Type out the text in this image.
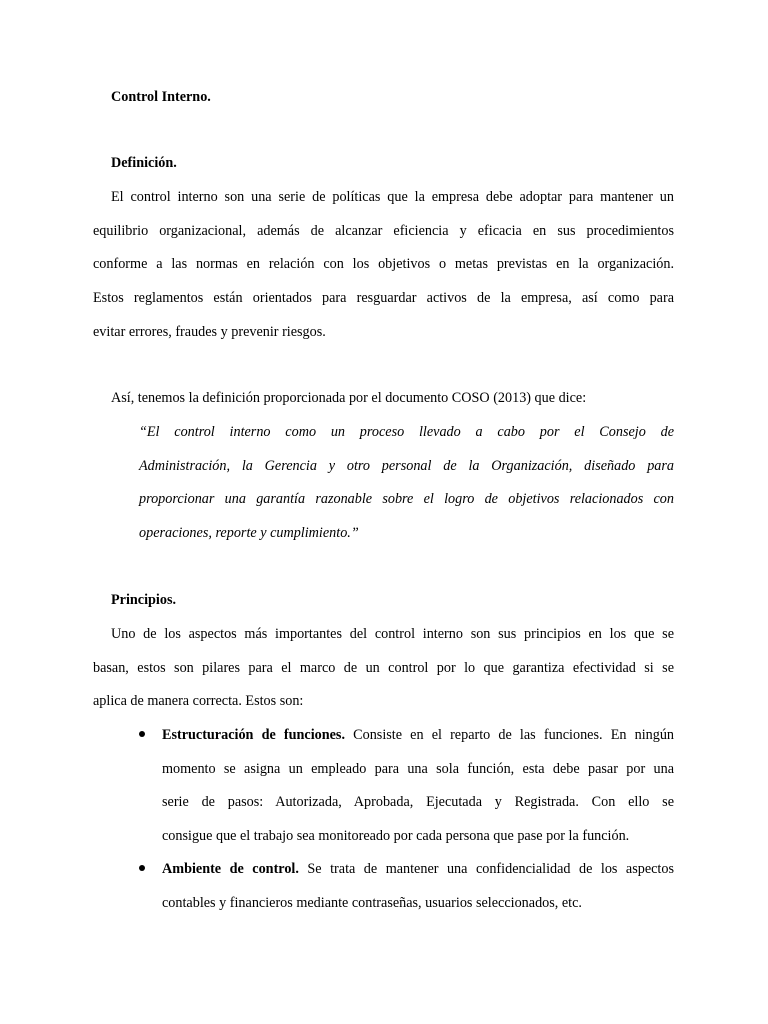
Control Interno.
Definición.
El control interno son una serie de políticas que la empresa debe adoptar para mantener un
equilibrio organizacional, además de alcanzar eficiencia y eficacia en sus procedimientos
conforme a las normas en relación con los objetivos o metas previstas en la organización.
Estos reglamentos están orientados para resguardar activos de la empresa, así como para
evitar errores, fraudes y prevenir riesgos.
Así, tenemos la definición proporcionada por el documento COSO (2013) que dice:
“El control interno como un proceso llevado a cabo por el Consejo de
Administración, la Gerencia y otro personal de la Organización, diseñado para
proporcionar una garantía razonable sobre el logro de objetivos relacionados con
operaciones, reporte y cumplimiento.”
Principios.
Uno de los aspectos más importantes del control interno son sus principios en los que se
basan, estos son pilares para el marco de un control por lo que garantiza efectividad si se
aplica de manera correcta. Estos son:
Estructuración de funciones. Consiste en el reparto de las funciones. En ningún
momento se asigna un empleado para una sola función, esta debe pasar por una
serie de pasos: Autorizada, Aprobada, Ejecutada y Registrada. Con ello se
consigue que el trabajo sea monitoreado por cada persona que pase por la función.
Ambiente de control. Se trata de mantener una confidencialidad de los aspectos
contables y financieros mediante contraseñas, usuarios seleccionados, etc.
